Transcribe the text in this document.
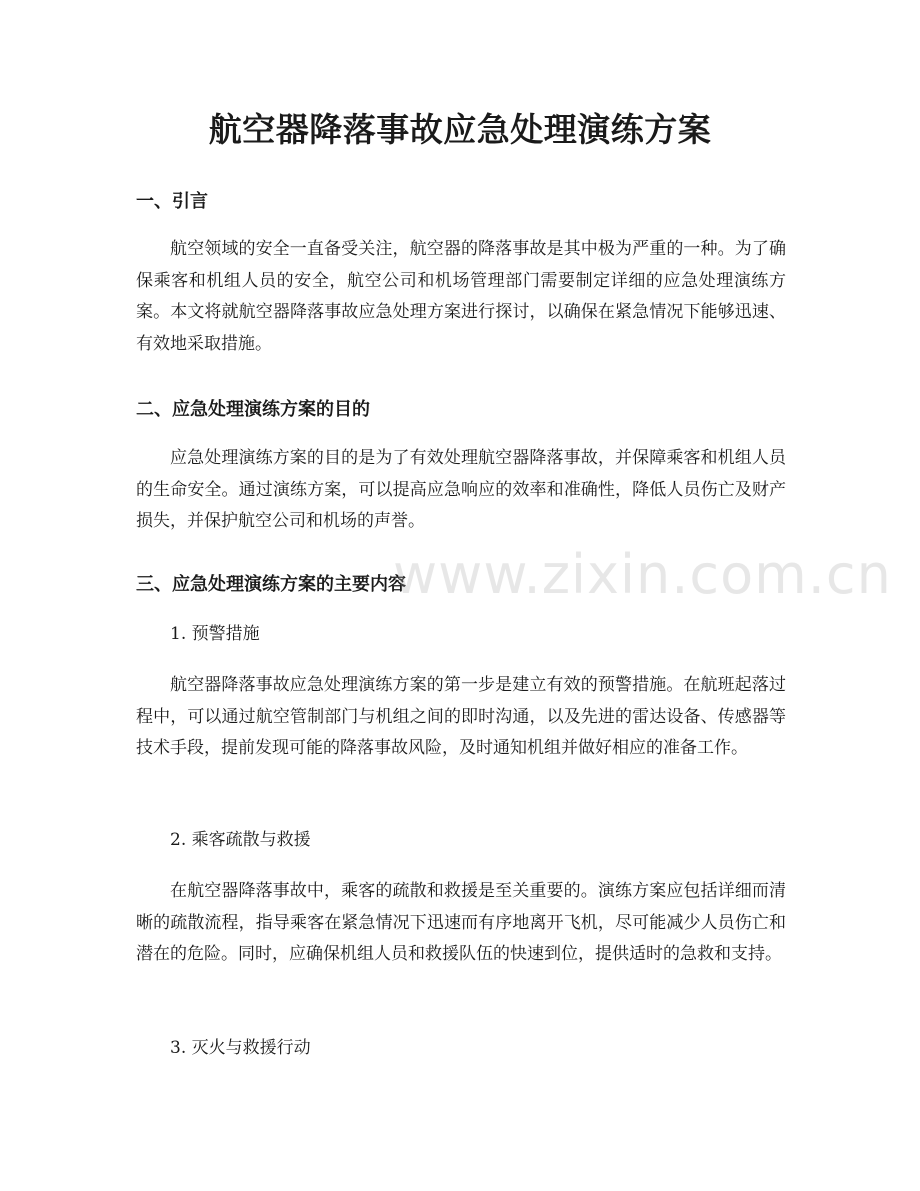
航空器降落事故应急处理演练方案
一、引言

航空领域的安全一直备受关注，航空器的降落事故是其中极为严重的一种。为了确保乘客和机组人员的安全，航空公司和机场管理部门需要制定详细的应急处理演练方案。本文将就航空器降落事故应急处理方案进行探讨，以确保在紧急情况下能够迅速、有效地采取措施。

二、应急处理演练方案的目的

应急处理演练方案的目的是为了有效处理航空器降落事故，并保障乘客和机组人员的生命安全。通过演练方案，可以提高应急响应的效率和准确性，降低人员伤亡及财产损失，并保护航空公司和机场的声誉。

三、应急处理演练方案的主要内容

1. 预警措施

航空器降落事故应急处理演练方案的第一步是建立有效的预警措施。在航班起落过程中，可以通过航空管制部门与机组之间的即时沟通，以及先进的雷达设备、传感器等技术手段，提前发现可能的降落事故风险，及时通知机组并做好相应的准备工作。

2. 乘客疏散与救援

在航空器降落事故中，乘客的疏散和救援是至关重要的。演练方案应包括详细而清晰的疏散流程，指导乘客在紧急情况下迅速而有序地离开飞机，尽可能减少人员伤亡和潜在的危险。同时，应确保机组人员和救援队伍的快速到位，提供适时的急救和支持。

3. 灭火与救援行动

www.zixin.com.cn
